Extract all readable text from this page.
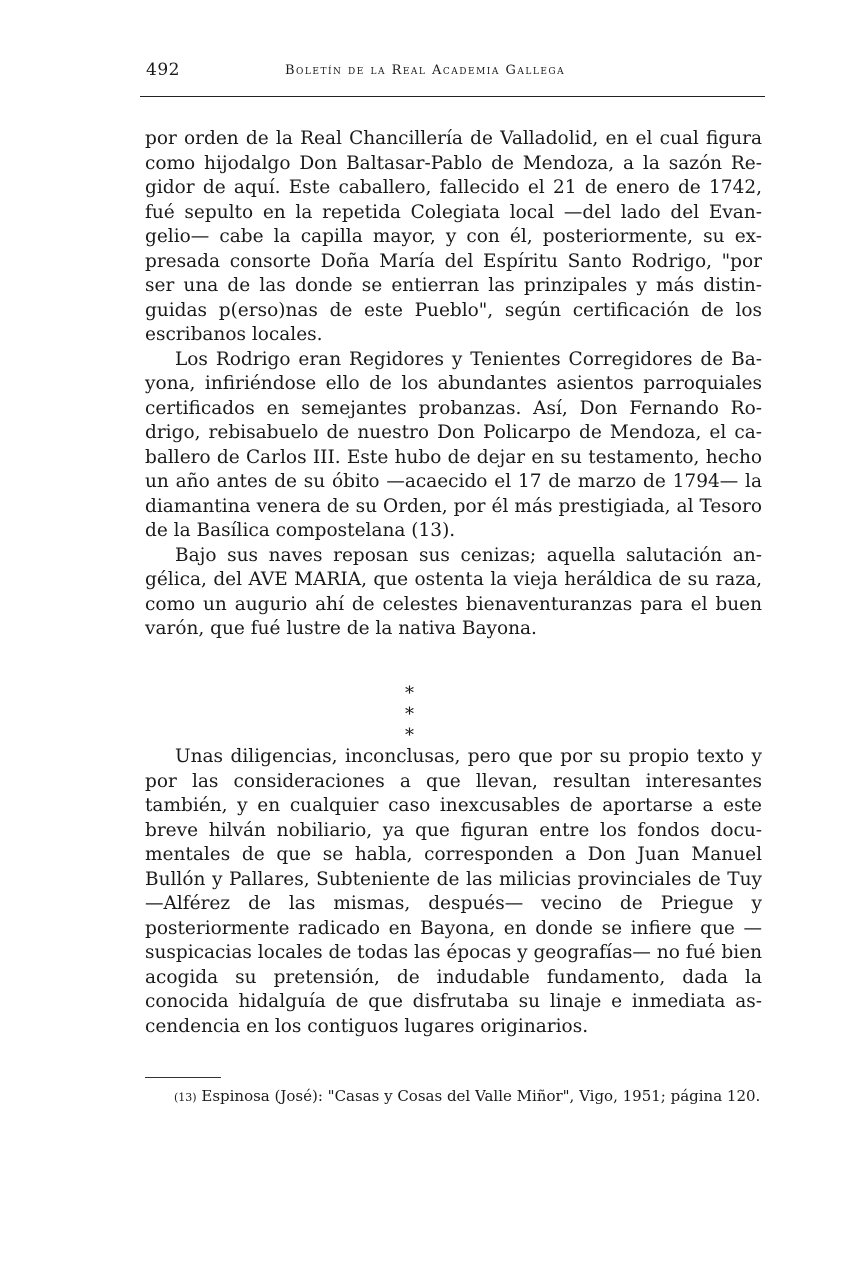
492	Boletín de la Real Academia Gallega

por orden de la Real Chancillería de Valladolid, en el cual figura como hijodalgo Don Baltasar-Pablo de Mendoza, a la sazón Re-gidor de aquí. Este caballero, fallecido el 21 de enero de 1742, fué sepulto en la repetida Colegiata local —del lado del Evan-gelio— cabe la capilla mayor, y con él, posteriormente, su ex-presada consorte Doña María del Espíritu Santo Rodrigo, "por ser una de las donde se entierran las prinzipales y más distin-guidas p(erso)nas de este Pueblo", según certificación de los escribanos locales.

Los Rodrigo eran Regidores y Tenientes Corregidores de Ba-yona, infiriéndose ello de los abundantes asientos parroquiales certificados en semejantes probanzas. Así, Don Fernando Ro-drigo, rebisabuelo de nuestro Don Policarpo de Mendoza, el ca-ballero de Carlos III. Este hubo de dejar en su testamento, hecho un año antes de su óbito —acaecido el 17 de marzo de 1794— la diamantina venera de su Orden, por él más prestigiada, al Tesoro de la Basílica compostelana (13).

Bajo sus naves reposan sus cenizas; aquella salutación an-gélica, del AVE MARIA, que ostenta la vieja heráldica de su raza, como un augurio ahí de celestes bienaventuranzas para el buen varón, que fué lustre de la nativa Bayona.

* * *

Unas diligencias, inconclusas, pero que por su propio texto y por las consideraciones a que llevan, resultan interesantes también, y en cualquier caso inexcusables de aportarse a este breve hilván nobiliario, ya que figuran entre los fondos docu-mentales de que se habla, corresponden a Don Juan Manuel Bullón y Pallares, Subteniente de las milicias provinciales de Tuy —Alférez de las mismas, después— vecino de Priegue y posteriormente radicado en Bayona, en donde se infiere que —suspicacias locales de todas las épocas y geografías— no fué bien acogida su pretensión, de indudable fundamento, dada la conocida hidalguía de que disfrutaba su linaje e inmediata as-cendencia en los contiguos lugares originarios.

(13) Espinosa (José): "Casas y Cosas del Valle Miñor", Vigo, 1951; página 120.
